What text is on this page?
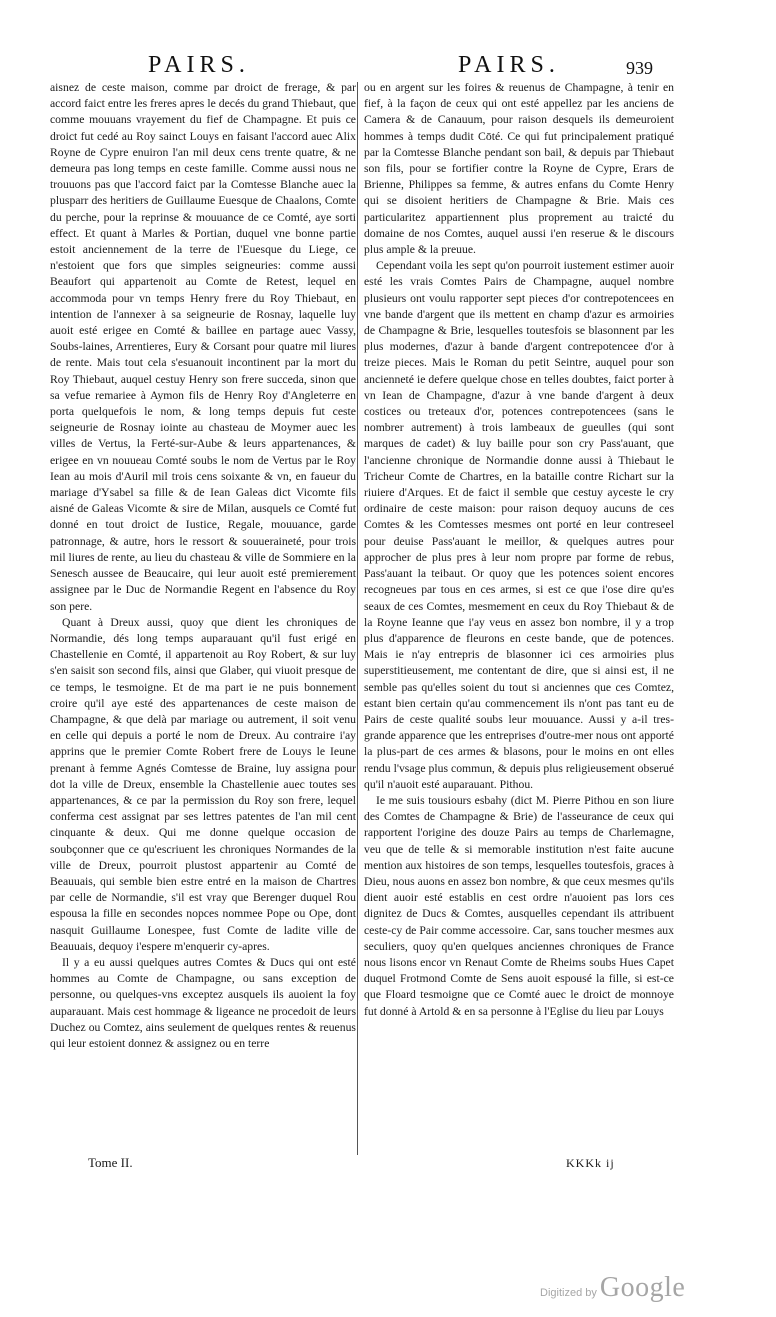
PAIRS.	PAIRS.	939

aisnez de ceste maison, comme par droict de frerage, & par accord faict entre les freres apres le decés du grand Thiebaut, que comme mouuans vrayement du fief de Champagne. Et puis ce droict fut cedé au Roy sainct Louys en faisant l'accord auec Alix Royne de Cypre enuiron l'an mil deux cens trente quatre, & ne demeura pas long temps en ceste famille. Comme aussi nous ne trouuons pas que l'accord faict par la Comtesse Blanche auec la plusparr des heritiers de Guillaume Euesque de Chaalons, Comte du perche, pour la reprinse & mouuance de ce Comté, aye sorti effect. Et quant à Marles & Portian, duquel vne bonne partie estoit anciennement de la terre de l'Euesque du Liege, ce n'estoient que fors que simples seigneuries: comme aussi Beaufort qui appartenoit au Comte de Retest, lequel en accommoda pour vn temps Henry frere du Roy Thiebaut, en intention de l'annexer à sa seigneurie de Rosnay, laquelle luy auoit esté erigee en Comté & baillee en partage auec Vassy, Soubs-laines, Arrentieres, Eury & Corsant pour quatre mil liures de rente. Mais tout cela s'esuanouit incontinent par la mort du Roy Thiebaut, auquel cestuy Henry son frere succeda, sinon que sa vefue remariee à Aymon fils de Henry Roy d'Angleterre en porta quelquefois le nom, & long temps depuis fut ceste seigneurie de Rosnay iointe au chasteau de Moymer auec les villes de Vertus, la Ferté-sur-Aube & leurs appartenances, & erigee en vn nouueau Comté soubs le nom de Vertus par le Roy Iean au mois d'Auril mil trois cens soixante & vn, en faueur du mariage d'Ysabel sa fille & de Iean Galeas dict Vicomte fils aisné de Galeas Vicomte & sire de Milan, ausquels ce Comté fut donné en tout droict de Iustice, Regale, mouuance, garde patronnage, & autre, hors le ressort & souueraineté, pour trois mil liures de rente, au lieu du chasteau & ville de Sommiere en la Senesch aussee de Beaucaire, qui leur auoit esté premierement assignee par le Duc de Normandie Regent en l'absence du Roy son pere.

Quant à Dreux aussi, quoy que dient les chroniques de Normandie, dés long temps auparauant qu'il fust erigé en Chastellenie en Comté, il appartenoit au Roy Robert, & sur luy s'en saisit son second fils, ainsi que Glaber, qui viuoit presque de ce temps, le tesmoigne. Et de ma part ie ne puis bonnement croire qu'il aye esté des appartenances de ceste maison de Champagne, & que delà par mariage ou autrement, il soit venu en celle qui depuis a porté le nom de Dreux. Au contraire i'ay apprins que le premier Comte Robert frere de Louys le Ieune prenant à femme Agnés Comtesse de Braine, luy assigna pour dot la ville de Dreux, ensemble la Chastellenie auec toutes ses appartenances, & ce par la permission du Roy son frere, lequel conferma cest assignat par ses lettres patentes de l'an mil cent cinquante & deux. Qui me donne quelque occasion de soubçonner que ce qu'escriuent les chroniques Normandes de la ville de Dreux, pourroit plustost appartenir au Comté de Beauuais, qui semble bien estre entré en la maison de Chartres par celle de Normandie, s'il est vray que Berenger duquel Rou espousa la fille en secondes nopces nommee Pope ou Ope, dont nasquit Guillaume Lonespee, fust Comte de ladite ville de Beauuais, dequoy i'espere m'enquerir cy-apres.

Il y a eu aussi quelques autres Comtes & Ducs qui ont esté hommes au Comte de Champagne, ou sans exception de personne, ou quelques-vns exceptez ausquels ils auoient la foy auparauant. Mais cest hommage & ligeance ne procedoit de leurs Duchez ou Comtez, ains seulement de quelques rentes & reuenus qui leur estoient donnez & assignez ou en terre

ou en argent sur les foires & reuenus de Champagne, à tenir en fief, à la façon de ceux qui ont esté appellez par les anciens de Camera & de Canauum, pour raison desquels ils demeuroient hommes à temps dudit Cōté. Ce qui fut principalement pratiqué par la Comtesse Blanche pendant son bail, & depuis par Thiebaut son fils, pour se fortifier contre la Royne de Cypre, Erars de Brienne, Philippes sa femme, & autres enfans du Comte Henry qui se disoient heritiers de Champagne & Brie. Mais ces particularitez appartiennent plus proprement au traicté du domaine de nos Comtes, auquel aussi i'en reserue & le discours plus ample & la preuue.

Cependant voila les sept qu'on pourroit iustement estimer auoir esté les vrais Comtes Pairs de Champagne, auquel nombre plusieurs ont voulu rapporter sept pieces d'or contrepotencees en vne bande d'argent que ils mettent en champ d'azur es armoiries de Champagne & Brie, lesquelles toutesfois se blasonnent par les plus modernes, d'azur à bande d'argent contrepotencee d'or à treize pieces. Mais le Roman du petit Seintre, auquel pour son ancienneté ie defere quelque chose en telles doubtes, faict porter à vn Iean de Champagne, d'azur à vne bande d'argent à deux costices ou treteaux d'or, potences contrepotencees (sans le nombrer autrement) à trois lambeaux de gueulles (qui sont marques de cadet) & luy baille pour son cry Pass'auant, que l'ancienne chronique de Normandie donne aussi à Thiebaut le Tricheur Comte de Chartres, en la bataille contre Richart sur la riuiere d'Arques. Et de faict il semble que cestuy ayceste le cry ordinaire de ceste maison: pour raison dequoy aucuns de ces Comtes & les Comtesses mesmes ont porté en leur contreseel pour deuise Pass'auant le meillor, & quelques autres pour approcher de plus pres à leur nom propre par forme de rebus, Pass'auant la teibaut. Or quoy que les potences soient encores recogneues par tous en ces armes, si est ce que i'ose dire qu'es seaux de ces Comtes, mesmement en ceux du Roy Thiebaut & de la Royne Ieanne que i'ay veus en assez bon nombre, il y a trop plus d'apparence de fleurons en ceste bande, que de potences. Mais ie n'ay entrepris de blasonner ici ces armoiries plus superstitieusement, me contentant de dire, que si ainsi est, il ne semble pas qu'elles soient du tout si anciennes que ces Comtez, estant bien certain qu'au commencement ils n'ont pas tant eu de Pairs de ceste qualité soubs leur mouuance. Aussi y a-il tres-grande apparence que les entreprises d'outre-mer nous ont apporté la plus-part de ces armes & blasons, pour le moins en ont elles rendu l'vsage plus commun, & depuis plus religieusement obserué qu'il n'auoit esté auparauant. Pithou.

Ie me suis tousiours esbahy (dict M. Pierre Pithou en son liure des Comtes de Champagne & Brie) de l'asseurance de ceux qui rapportent l'origine des douze Pairs au temps de Charlemagne, veu que de telle & si memorable institution n'est faite aucune mention aux histoires de son temps, lesquelles toutesfois, graces à Dieu, nous auons en assez bon nombre, & que ceux mesmes qu'ils dient auoir esté establis en cest ordre n'auoient pas lors ces dignitez de Ducs & Comtes, ausquelles cependant ils attribuent ceste-cy de Pair comme accessoire. Car, sans toucher mesmes aux seculiers, quoy qu'en quelques anciennes chroniques de France nous lisons encor vn Renaut Comte de Rheims soubs Hues Capet duquel Frotmond Comte de Sens auoit espousé la fille, si est-ce que Floard tesmoigne que ce Comté auec le droict de monnoye fut donné à Artold & en sa personne à l'Eglise du lieu par Louys

Tome II.	KKKk ij
Digitized by Google
